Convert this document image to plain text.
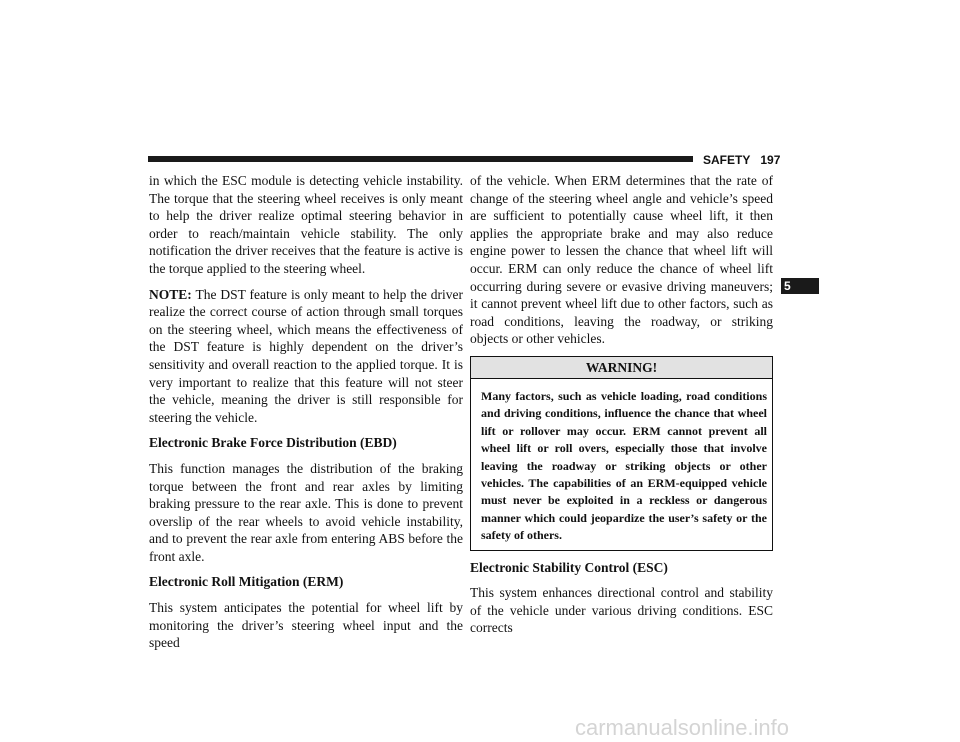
SAFETY 197

in which the ESC module is detecting vehicle instability. The torque that the steering wheel receives is only meant to help the driver realize optimal steering behavior in order to reach/maintain vehicle stability. The only notification the driver receives that the feature is active is the torque applied to the steering wheel.

NOTE: The DST feature is only meant to help the driver realize the correct course of action through small torques on the steering wheel, which means the effectiveness of the DST feature is highly dependent on the driver’s sensitivity and overall reaction to the applied torque. It is very important to realize that this feature will not steer the vehicle, meaning the driver is still responsible for steering the vehicle.

Electronic Brake Force Distribution (EBD)

This function manages the distribution of the braking torque between the front and rear axles by limiting braking pressure to the rear axle. This is done to prevent overslip of the rear wheels to avoid vehicle instability, and to prevent the rear axle from entering ABS before the front axle.

Electronic Roll Mitigation (ERM)

This system anticipates the potential for wheel lift by monitoring the driver’s steering wheel input and the speed

of the vehicle. When ERM determines that the rate of change of the steering wheel angle and vehicle’s speed are sufficient to potentially cause wheel lift, it then applies the appropriate brake and may also reduce engine power to lessen the chance that wheel lift will occur. ERM can only reduce the chance of wheel lift occurring during severe or evasive driving maneuvers; it cannot prevent wheel lift due to other factors, such as road conditions, leaving the roadway, or striking objects or other vehicles.

WARNING!

Many factors, such as vehicle loading, road conditions and driving conditions, influence the chance that wheel lift or rollover may occur. ERM cannot prevent all wheel lift or roll overs, especially those that involve leaving the roadway or striking objects or other vehicles. The capabilities of an ERM-equipped vehicle must never be exploited in a reckless or dangerous manner which could jeopardize the user’s safety or the safety of others.

Electronic Stability Control (ESC)

This system enhances directional control and stability of the vehicle under various driving conditions. ESC corrects

5
carmanualsonline.info
